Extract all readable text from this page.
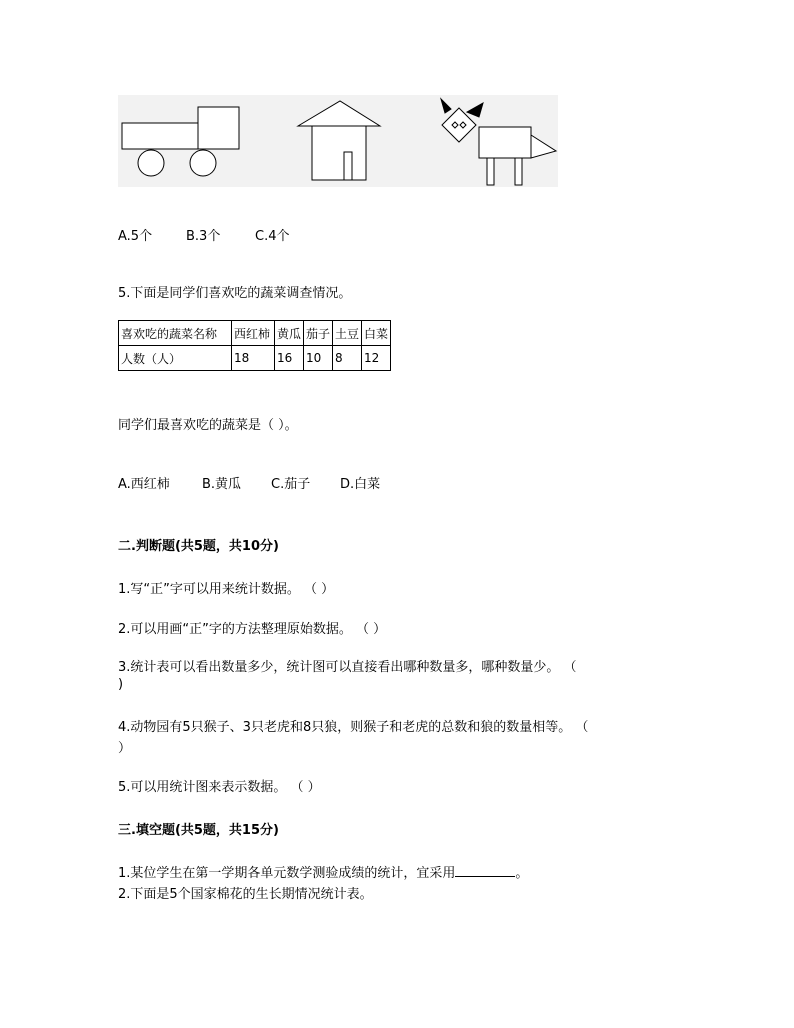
A.5个	B.3个	C.4个
5.下面是同学们喜欢吃的蔬菜调查情况。
喜欢吃的蔬菜名称	西红柿	黄瓜	茄子	土豆	白菜
人数（人）	18	16	10	8	12
同学们最喜欢吃的蔬菜是（ ）。
A.西红柿 B.黄瓜 C.茄子 D.白菜
二.判断题(共5题，共10分)
1.写“正”字可以用来统计数据。 （ ）
2.可以用画“正”字的方法整理原始数据。 （ ）
3.统计表可以看出数量多少，统计图可以直接看出哪种数量多，哪种数量少。 （
)
4.动物园有5只猴子、3只老虎和8只狼，则猴子和老虎的总数和狼的数量相等。 （
）
5.可以用统计图来表示数据。 （ ）
三.填空题(共5题，共15分)
1.某位学生在第一学期各单元数学测验成绩的统计，宜采用	。
2.下面是5个国家棉花的生长期情况统计表。
